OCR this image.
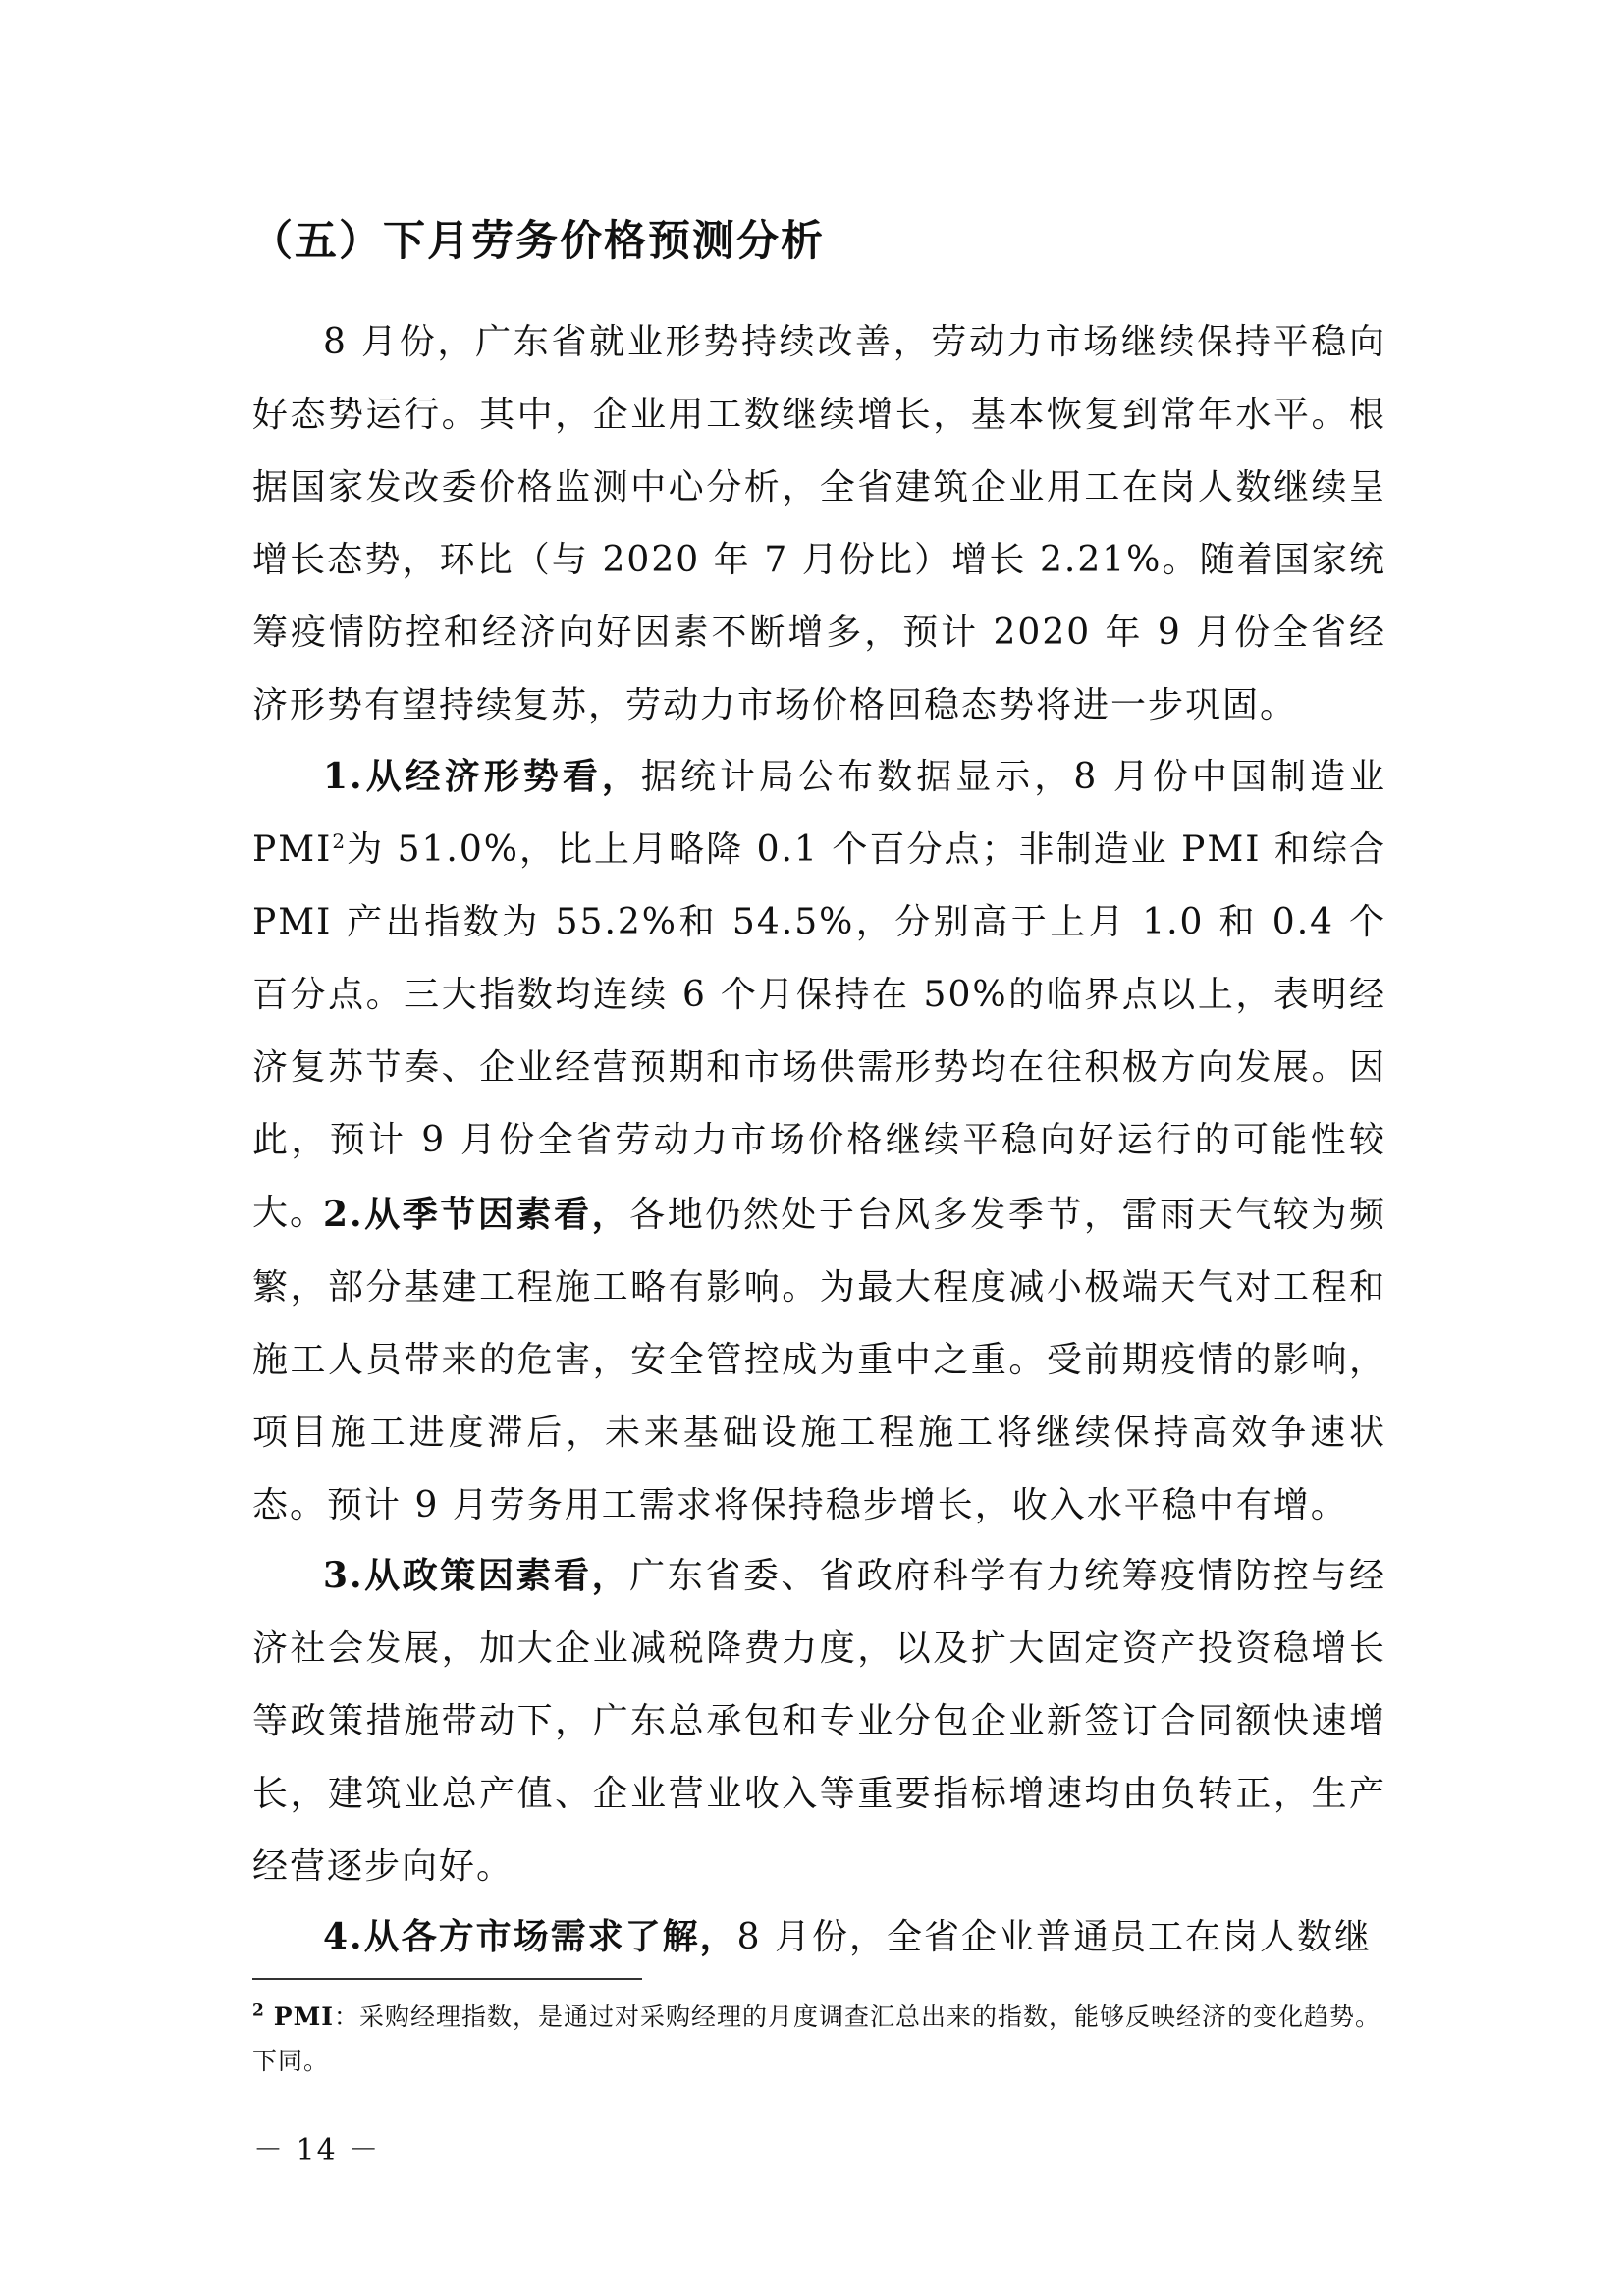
（五）下月劳务价格预测分析

8 月份，广东省就业形势持续改善，劳动力市场继续保持平稳向好态势运行。其中，企业用工数继续增长，基本恢复到常年水平。根据国家发改委价格监测中心分析，全省建筑企业用工在岗人数继续呈增长态势，环比（与 2020 年 7 月份比）增长 2.21%。随着国家统筹疫情防控和经济向好因素不断增多，预计 2020 年 9 月份全省经济形势有望持续复苏，劳动力市场价格回稳态势将进一步巩固。

1.从经济形势看，据统计局公布数据显示，8 月份中国制造业 PMI$^2$为 51.0%，比上月略降 0.1 个百分点；非制造业 PMI 和综合 PMI 产出指数为 55.2%和 54.5%，分别高于上月 1.0 和 0.4 个百分点。三大指数均连续 6 个月保持在 50%的临界点以上，表明经济复苏节奏、企业经营预期和市场供需形势均在往积极方向发展。因此，预计 9 月份全省劳动力市场价格继续平稳向好运行的可能性较大。

2.从季节因素看，各地仍然处于台风多发季节，雷雨天气较为频繁，部分基建工程施工略有影响。为最大程度减小极端天气对工程和施工人员带来的危害，安全管控成为重中之重。受前期疫情的影响，项目施工进度滞后，未来基础设施工程施工将继续保持高效争速状态。预计 9 月劳务用工需求将保持稳步增长，收入水平稳中有增。

3.从政策因素看，广东省委、省政府科学有力统筹疫情防控与经济社会发展，加大企业减税降费力度，以及扩大固定资产投资稳增长等政策措施带动下，广东总承包和专业分包企业新签订合同额快速增长，建筑业总产值、企业营业收入等重要指标增速均由负转正，生产经营逐步向好。

4.从各方市场需求了解，8 月份，全省企业普通员工在岗人数继

$^2$ PMI：采购经理指数，是通过对采购经理的月度调查汇总出来的指数，能够反映经济的变化趋势。下同。
－ 14 －
